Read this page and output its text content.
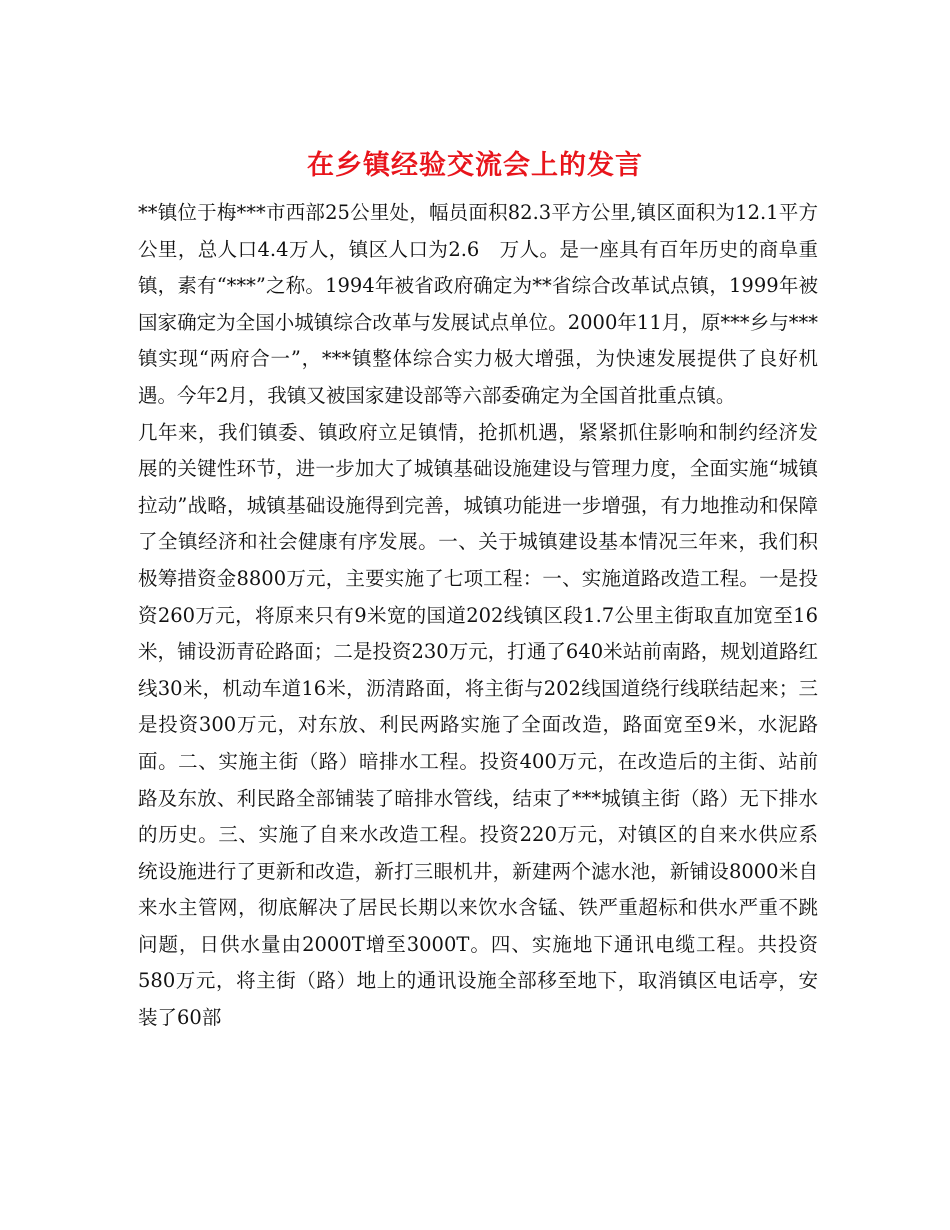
在乡镇经验交流会上的发言

**镇位于梅***市西部25公里处，幅员面积82.3平方公里,镇区面积为12.1平方公里，总人口4.4万人，镇区人口为2.6　万人。是一座具有百年历史的商阜重镇，素有“***”之称。1994年被省政府确定为**省综合改革试点镇，1999年被国家确定为全国小城镇综合改革与发展试点单位。2000年11月，原***乡与***镇实现“两府合一”，***镇整体综合实力极大增强，为快速发展提供了良好机遇。今年2月，我镇又被国家建设部等六部委确定为全国首批重点镇。

几年来，我们镇委、镇政府立足镇情，抢抓机遇，紧紧抓住影响和制约经济发展的关键性环节，进一步加大了城镇基础设施建设与管理力度，全面实施“城镇拉动”战略，城镇基础设施得到完善，城镇功能进一步增强，有力地推动和保障了全镇经济和社会健康有序发展。一、关于城镇建设基本情况三年来，我们积极筹措资金8800万元，主要实施了七项工程：一、实施道路改造工程。一是投资260万元，将原来只有9米宽的国道202线镇区段1.7公里主街取直加宽至16米，铺设沥青砼路面；二是投资230万元，打通了640米站前南路，规划道路红线30米，机动车道16米，沥清路面，将主街与202线国道绕行线联结起来；三是投资300万元，对东放、利民两路实施了全面改造，路面宽至9米，水泥路面。二、实施主街（路）暗排水工程。投资400万元，在改造后的主街、站前路及东放、利民路全部铺装了暗排水管线，结束了***城镇主街（路）无下排水的历史。三、实施了自来水改造工程。投资220万元，对镇区的自来水供应系统设施进行了更新和改造，新打三眼机井，新建两个滤水池，新铺设8000米自来水主管网，彻底解决了居民长期以来饮水含锰、铁严重超标和供水严重不跳问题，日供水量由2000T增至3000T。四、实施地下通讯电缆工程。共投资580万元，将主街（路）地上的通讯设施全部移至地下，取消镇区电话亭，安装了60部
